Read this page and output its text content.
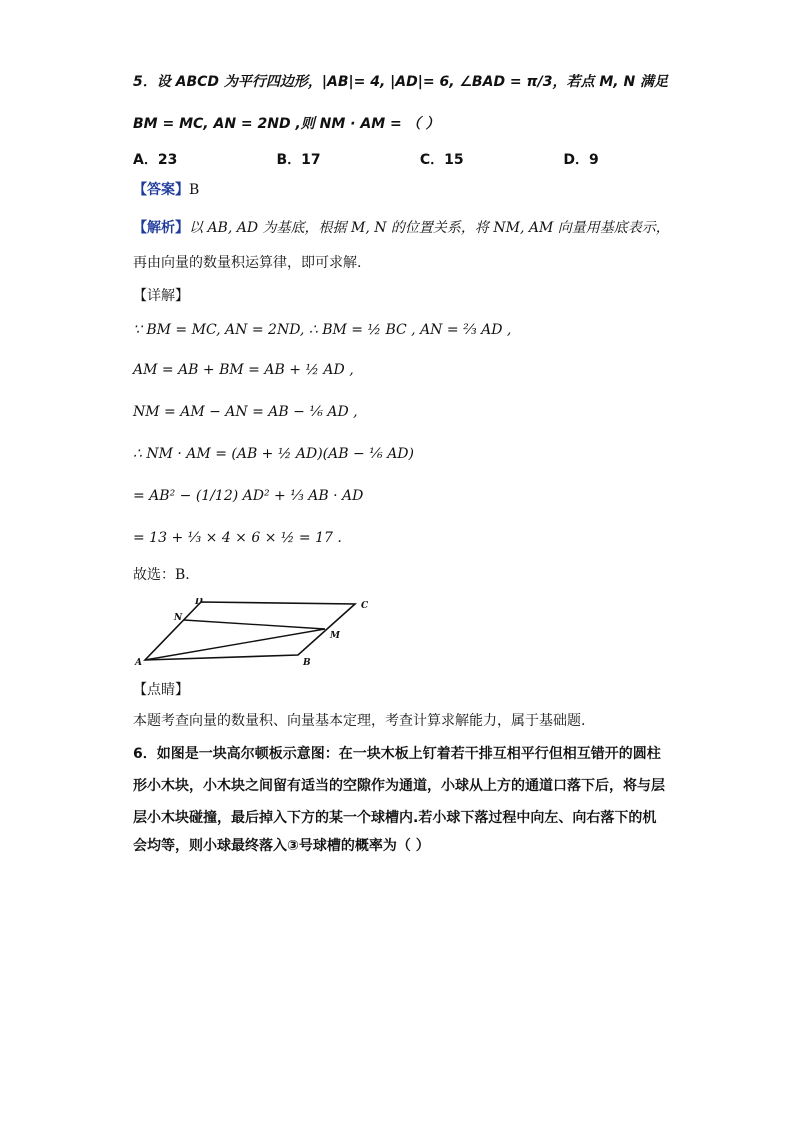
5．设 ABCD 为平行四边形，|AB|= 4, |AD|= 6, ∠BAD = π/3，若点 M, N 满足
BM = MC, AN = 2ND ,则 NM · AM = （ ）
A．23	B．17	C．15	D．9
【答案】B
【解析】以 AB, AD 为基底，根据 M, N 的位置关系，将 NM, AM 向量用基底表示，
再由向量的数量积运算律，即可求解.
【详解】
∵ BM = MC, AN = 2ND, ∴ BM = ½ BC , AN = ⅔ AD ,
AM = AB + BM = AB + ½ AD ,
NM = AM − AN = AB − ⅙ AD ,
∴ NM · AM = (AB + ½ AD)(AB − ⅙ AD)
= AB² − (1/12) AD² + ⅓ AB · AD
= 13 + ⅓ × 4 × 6 × ½ = 17 .
故选：B.
A	B
C
D
M
N
【点睛】
本题考查向量的数量积、向量基本定理，考查计算求解能力，属于基础题.
6．如图是一块高尔顿板示意图：在一块木板上钉着若干排互相平行但相互错开的圆柱
形小木块，小木块之间留有适当的空隙作为通道，小球从上方的通道口落下后，将与层
层小木块碰撞，最后掉入下方的某一个球槽内.若小球下落过程中向左、向右落下的机
会均等，则小球最终落入③号球槽的概率为（ ）
